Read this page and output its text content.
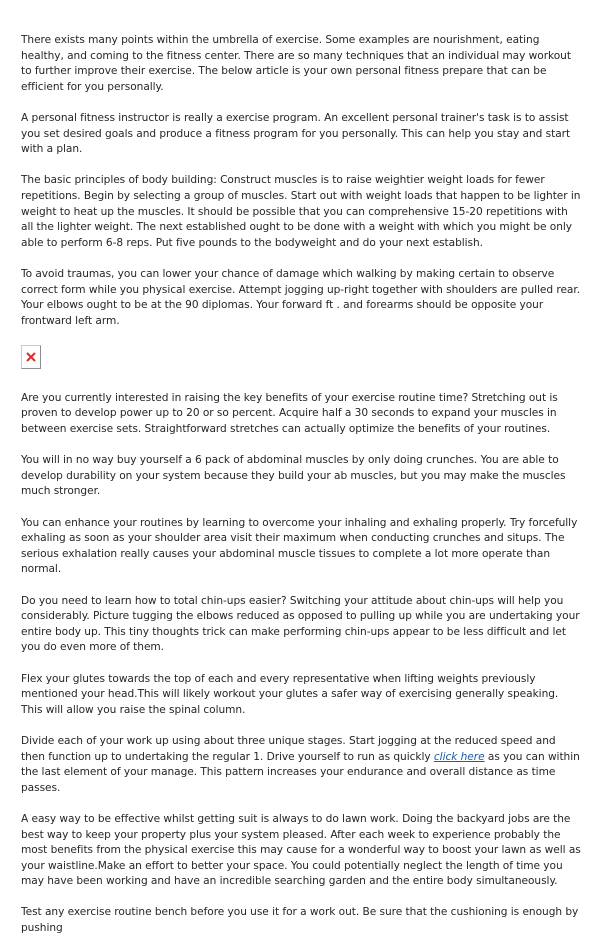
There exists many points within the umbrella of exercise. Some examples are nourishment, eating healthy, and coming to the fitness center. There are so many techniques that an individual may workout to further improve their exercise. The below article is your own personal fitness prepare that can be efficient for you personally.

A personal fitness instructor is really a exercise program. An excellent personal trainer's task is to assist you set desired goals and produce a fitness program for you personally. This can help you stay and start with a plan.

The basic principles of body building: Construct muscles is to raise weightier weight loads for fewer repetitions. Begin by selecting a group of muscles. Start out with weight loads that happen to be lighter in weight to heat up the muscles. It should be possible that you can comprehensive 15-20 repetitions with all the lighter weight. The next established ought to be done with a weight with which you might be only able to perform 6-8 reps. Put five pounds to the bodyweight and do your next establish.

To avoid traumas, you can lower your chance of damage which walking by making certain to observe correct form while you physical exercise. Attempt jogging up-right together with shoulders are pulled rear. Your elbows ought to be at the 90 diplomas. Your forward ft . and forearms should be opposite your frontward left arm.

Are you currently interested in raising the key benefits of your exercise routine time? Stretching out is proven to develop power up to 20 or so percent. Acquire half a 30 seconds to expand your muscles in between exercise sets. Straightforward stretches can actually optimize the benefits of your routines.

You will in no way buy yourself a 6 pack of abdominal muscles by only doing crunches. You are able to develop durability on your system because they build your ab muscles, but you may make the muscles much stronger.

You can enhance your routines by learning to overcome your inhaling and exhaling properly. Try forcefully exhaling as soon as your shoulder area visit their maximum when conducting crunches and situps. The serious exhalation really causes your abdominal muscle tissues to complete a lot more operate than normal.

Do you need to learn how to total chin-ups easier? Switching your attitude about chin-ups will help you considerably. Picture tugging the elbows reduced as opposed to pulling up while you are undertaking your entire body up. This tiny thoughts trick can make performing chin-ups appear to be less difficult and let you do even more of them.

Flex your glutes towards the top of each and every representative when lifting weights previously mentioned your head.This will likely workout your glutes a safer way of exercising generally speaking. This will allow you raise the spinal column.

Divide each of your work up using about three unique stages. Start jogging at the reduced speed and then function up to undertaking the regular 1. Drive yourself to run as quickly click here as you can within the last element of your manage. This pattern increases your endurance and overall distance as time passes.

A easy way to be effective whilst getting suit is always to do lawn work. Doing the backyard jobs are the best way to keep your property plus your system pleased. After each week to experience probably the most benefits from the physical exercise this may cause for a wonderful way to boost your lawn as well as your waistline.Make an effort to better your space. You could potentially neglect the length of time you may have been working and have an incredible searching garden and the entire body simultaneously.

Test any exercise routine bench before you use it for a work out. Be sure that the cushioning is enough by pushing
